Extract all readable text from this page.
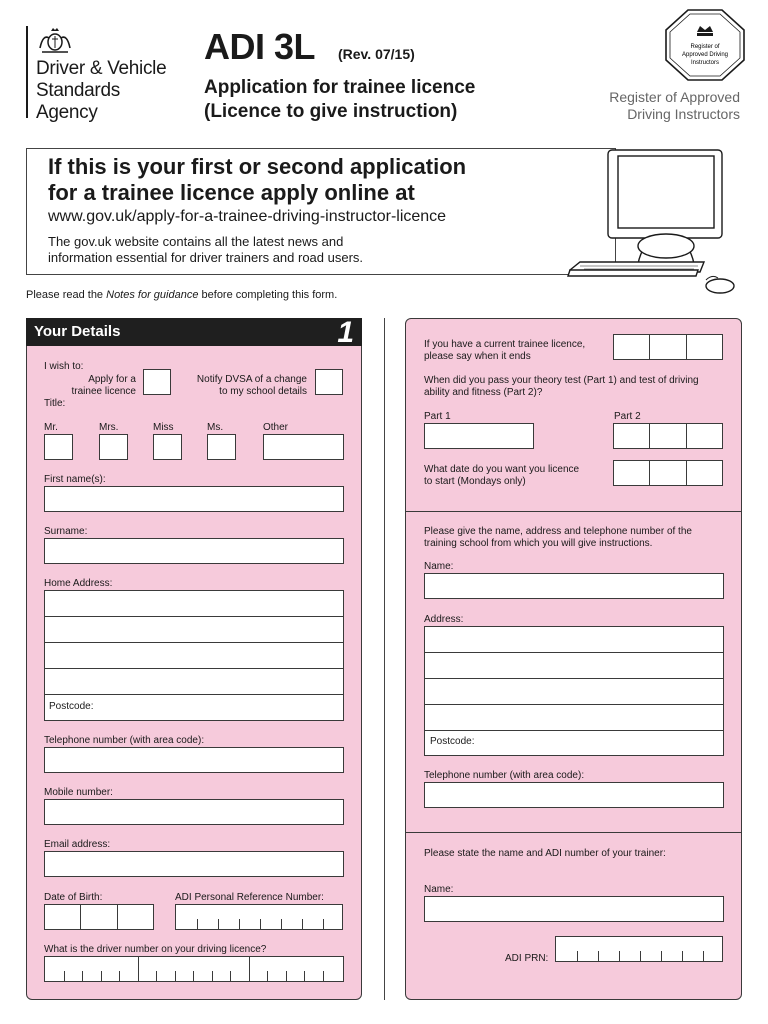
Driver & Vehicle
Standards
Agency
ADI 3L (Rev. 07/15)
Application for trainee licence
(Licence to give instruction)
Register of
Approved Driving
Instructors
Register of Approved
Driving Instructors
If this is your first or second application
for a trainee licence apply online at
www.gov.uk/apply-for-a-trainee-driving-instructor-licence
The gov.uk website contains all the latest news and
information essential for driver trainers and road users.
Please read the Notes for guidance before completing this form.
Your Details	1
I wish to:
Apply for a
trainee licence
Notify DVSA of a change
to my school details
Title:
Mr.	Mrs.	Miss	Ms.	Other
First name(s):
Surname:
Home Address:
Postcode:
Telephone number (with area code):
Mobile number:
Email address:
Date of Birth:	ADI Personal Reference Number:
What is the driver number on your driving licence?
If you have a current trainee licence,
please say when it ends
When did you pass your theory test (Part 1) and test of driving
ability and fitness (Part 2)?
Part 1	Part 2
What date do you want you licence
to start (Mondays only)
Please give the name, address and telephone number of the
training school from which you will give instructions.
Name:
Address:
Postcode:
Telephone number (with area code):
Please state the name and ADI number of your trainer:
Name:
ADI PRN:
